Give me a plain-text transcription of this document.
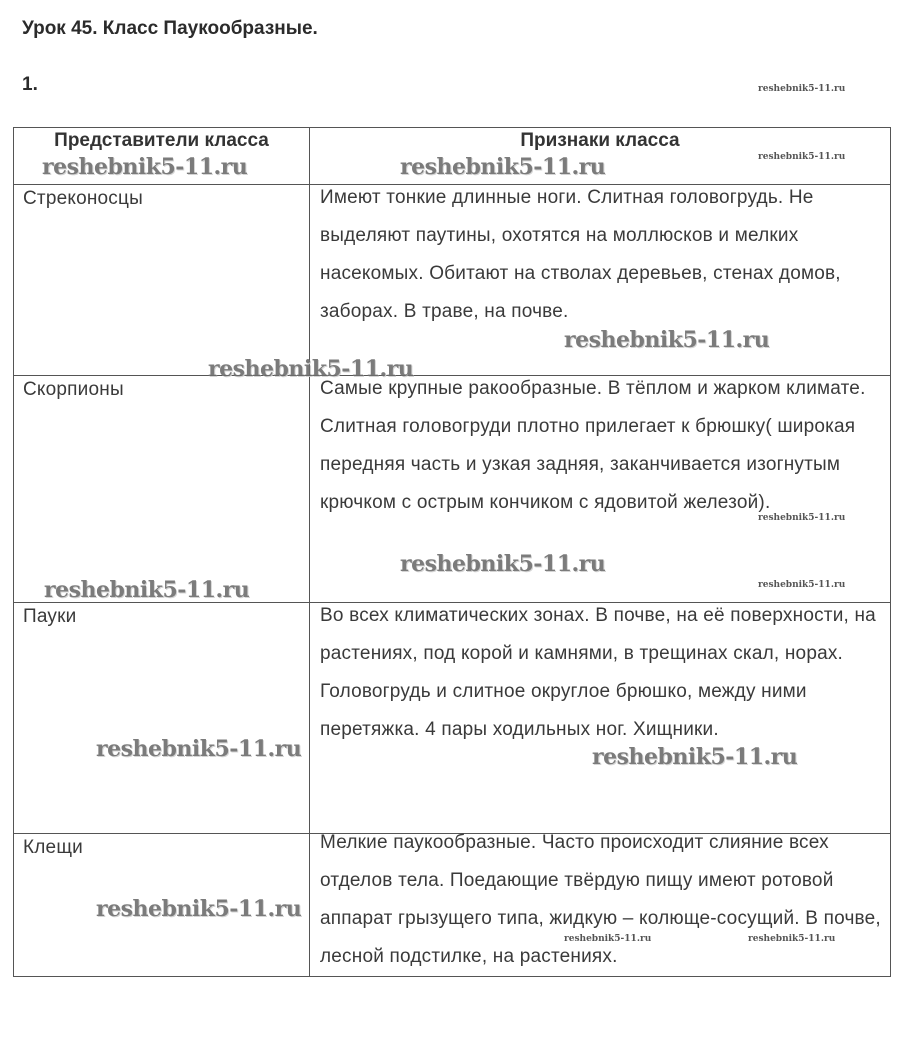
Урок 45. Класс Паукообразные.
1.
Представители класса	Признаки класса

Стреконосцы	Имеют тонкие длинные ноги. Слитная головогрудь. Не выделяют паутины, охотятся на моллюсков и мелких насекомых. Обитают на стволах деревьев, стенах домов, заборах. В траве, на почве.

Скорпионы	Самые крупные ракообразные. В тёплом и жарком климате. Слитная головогруди плотно прилегает к брюшку( широкая передняя часть и узкая задняя, заканчивается изогнутым крючком с острым кончиком с ядовитой железой).

Пауки	Во всех климатических зонах. В почве, на её поверхности, на растениях, под корой и камнями, в трещинах скал, норах. Головогрудь и слитное округлое брюшко, между ними перетяжка. 4 пары ходильных ног. Хищники.

Клещи	Мелкие паукообразные. Часто происходит слияние всех отделов тела. Поедающие твёрдую пищу имеют ротовой аппарат грызущего типа, жидкую – колюще-сосущий. В почве, лесной подстилке, на растениях.
reshebnik5-11.ru
reshebnik5-11.ru
reshebnik5-11.ru	reshebnik5-11.ru
reshebnik5-11.ru
reshebnik5-11.ru
reshebnik5-11.ru
reshebnik5-11.ru
reshebnik5-11.ru	reshebnik5-11.ru
reshebnik5-11.ru	reshebnik5-11.ru
reshebnik5-11.ru
reshebnik5-11.ru	reshebnik5-11.ru
